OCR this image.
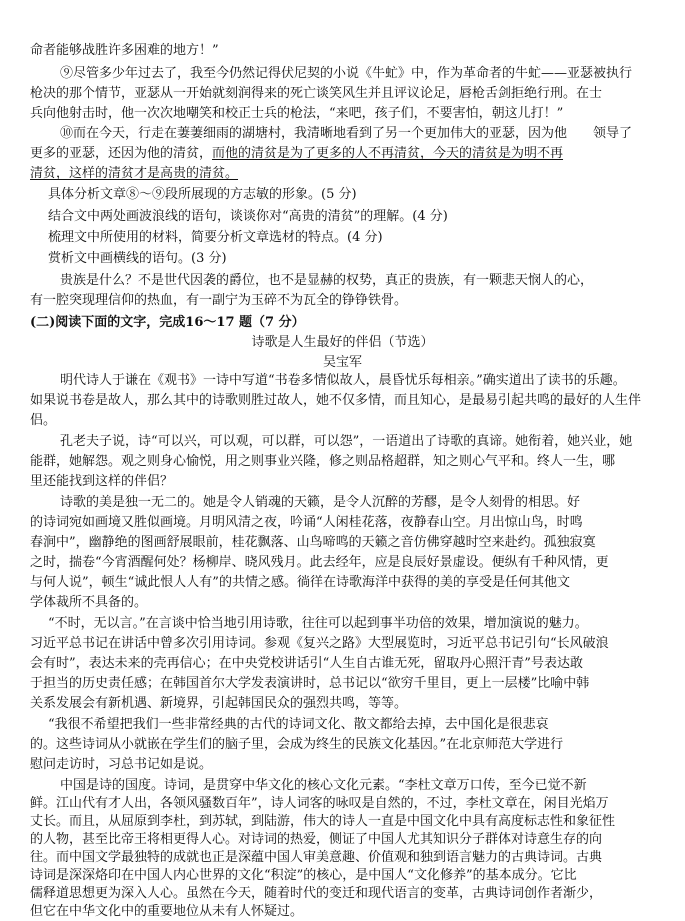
命者能够战胜许多困难的地方！”
⑨尽管多少年过去了，我至今仍然记得伏尼契的小说《牛虻》中，作为革命者的牛虻——亚瑟被执行
枪决的那个情节，亚瑟从一开始就刻润得来的死亡谈笑风生并且评议论足，唇枪舌剑拒绝行刑。在士
兵向他射击时，他一次次地嘲笑和校正士兵的枪法，“来吧，孩子们，不要害怕，朝这儿打！”
⑩而在今天，行走在萋萋细雨的湖塘村，我清晰地看到了另一个更加伟大的亚瑟，因为他 领导了
更多的亚瑟，还因为他的清贫，而他的清贫是为了更多的人不再清贫，今天的清贫是为明不再
清贫，这样的清贫才是高贵的清贫。
具体分析文章⑧～⑨段所展现的方志敏的形象。(5 分)
结合文中两处画波浪线的语句，谈谈你对“高贵的清贫”的理解。(4 分)
梳理文中所使用的材料，简要分析文章选材的特点。(4 分)
赏析文中画横线的语句。(3 分)
贵族是什么？不是世代因袭的爵位，也不是显赫的权势，真正的贵族，有一颗悲天悯人的心，
有一腔突现理信仰的热血，有一副宁为玉碎不为瓦全的铮铮铁骨。
(二)阅读下面的文字，完成16～17 题（7 分）
诗歌是人生最好的伴侣（节选）
吴宝军
明代诗人于谦在《观书》一诗中写道“书卷多情似故人，晨昏忧乐每相亲。”确实道出了读书的乐趣。
如果说书卷是故人，那么其中的诗歌则胜过故人，她不仅多情，而且知心，是最易引起共鸣的最好的人生伴
侣。
孔老夫子说，诗“可以兴，可以观，可以群，可以怨”，一语道出了诗歌的真谛。她衔着，她兴业，她
能群，她解怨。观之则身心愉悦，用之则事业兴隆，修之则品格超群，知之则心气平和。终人一生，哪
里还能找到这样的伴侣？
诗歌的美是独一无二的。她是令人销魂的天籁，是令人沉醉的芳醪，是令人刻骨的相思。好
的诗词宛如画境又胜似画境。月明风清之夜，吟诵“人闲桂花落，夜静春山空。月出惊山鸟，时鸣
春涧中”，幽静绝的图画舒展眼前，桂花飘落、山鸟啼鸣的天籁之音仿佛穿越时空来赴约。孤独寂寞
之时，揣卷“今宵酒醒何处？杨柳岸、晓风残月。此去经年，应是良辰好景虚设。便纵有千种风情，更
与何人说”，顿生“诚此恨人人有”的共情之感。徜徉在诗歌海洋中获得的美的享受是任何其他文
学体裁所不具备的。
“不时，无以言。”在言谈中恰当地引用诗歌，往往可以起到事半功倍的效果，增加演说的魅力。
习近平总书记在讲话中曾多次引用诗词。参观《复兴之路》大型展览时，习近平总书记引句“长风破浪
会有时”，表达未来的壳再信心；在中央党校讲话引“人生自古谁无死，留取丹心照汗青”号表达敢
于担当的历史责任感；在韩国首尔大学发表演讲时，总书记以“欲穷千里目，更上一层楼”比喻中韩
关系发展会有新机遇、新境界，引起韩国民众的强烈共鸣，等等。
“我很不希望把我们一些非常经典的古代的诗词文化、散文都给去掉，去中国化是很悲哀
的。这些诗词从小就嵌在学生们的脑子里，会成为终生的民族文化基因。”在北京师范大学进行
慰问走访时，习总书记如是说。
中国是诗的国度。诗词，是贯穿中华文化的核心文化元素。“李杜文章万口传，至今已觉不新
鲜。江山代有才人出，各领风骚数百年”，诗人词客的咏叹是自然的，不过，李杜文章在，闲目光焰万
丈长。而且，从屈原到李杜，到苏轼，到陆游，伟大的诗人一直是中国文化中具有高度标志性和象征性
的人物，甚至比帝王将相更得人心。对诗词的热爱，侧证了中国人尤其知识分子群体对诗意生存的向
往。而中国文学最独特的成就也正是深蕴中国人审美意趣、价值观和独到语言魅力的古典诗词。古典
诗词是深深烙印在中国人内心世界的文化“积淀”的核心，是中国人“文化修养”的基本成分。它比
儒释道思想更为深入人心。虽然在今天，随着时代的变迁和现代语言的变革，古典诗词创作者渐少，
但它在中华文化中的重要地位从未有人怀疑过。
